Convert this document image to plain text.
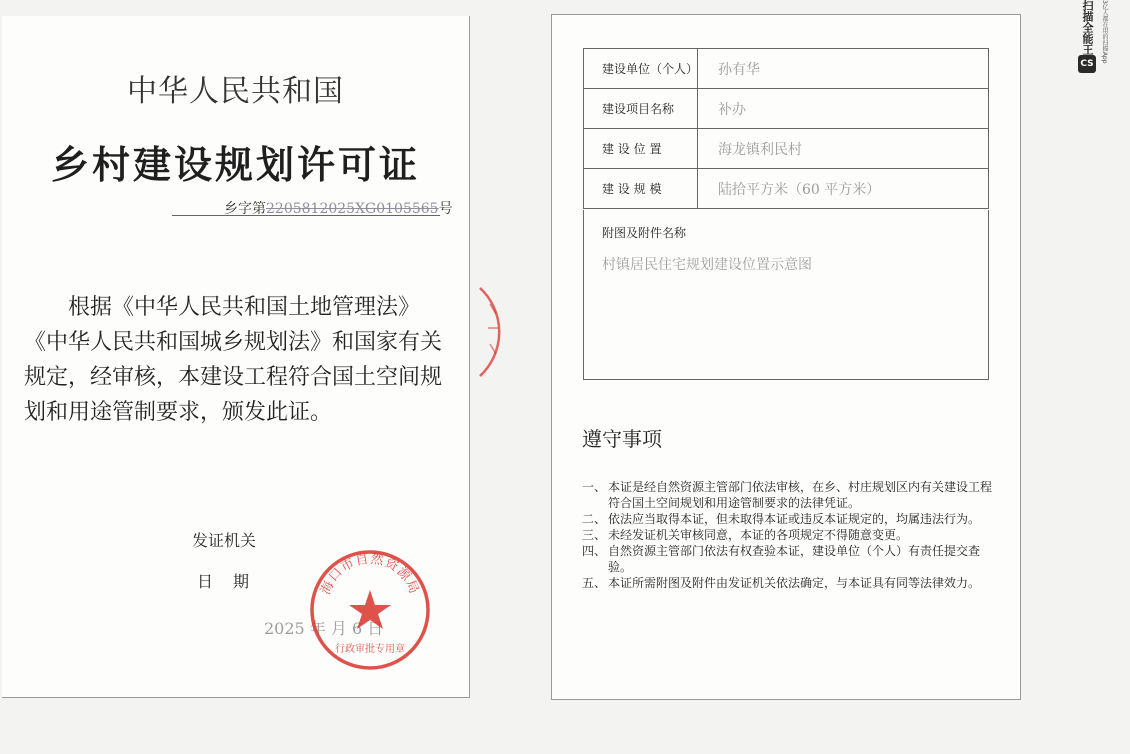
中华人民共和国
乡村建设规划许可证
乡字第2205812025XG0105565号
根据《中华人民共和国土地管理法》《中华人民共和国城乡规划法》和国家有关规定，经审核，本建设工程符合国土空间规划和用途管制要求，颁发此证。
发证机关
日期
2025 年 月 6 日
海口市自然资源局
行政审批专用章
建设单位（个人）	孙有华
建设项目名称	补办
建 设 位 置	海龙镇利民村
建 设 规 模	陆拾平方米（60 平方米）
附图及附件名称
村镇居民住宅规划建设位置示意图
遵守事项
一、 本证是经自然资源主管部门依法审核，在乡、村庄规划区内有关建设工程符合国土空间规划和用途管制要求的法律凭证。
二、 依法应当取得本证，但未取得本证或违反本证规定的，均属违法行为。
三、 未经发证机关审核同意，本证的各项规定不得随意变更。
四、 自然资源主管部门依法有权查验本证，建设单位（个人）有责任提交查验。
五、 本证所需附图及附件由发证机关依法确定，与本证具有同等法律效力。
扫描全能王
CS
3亿人都在用的扫描App
